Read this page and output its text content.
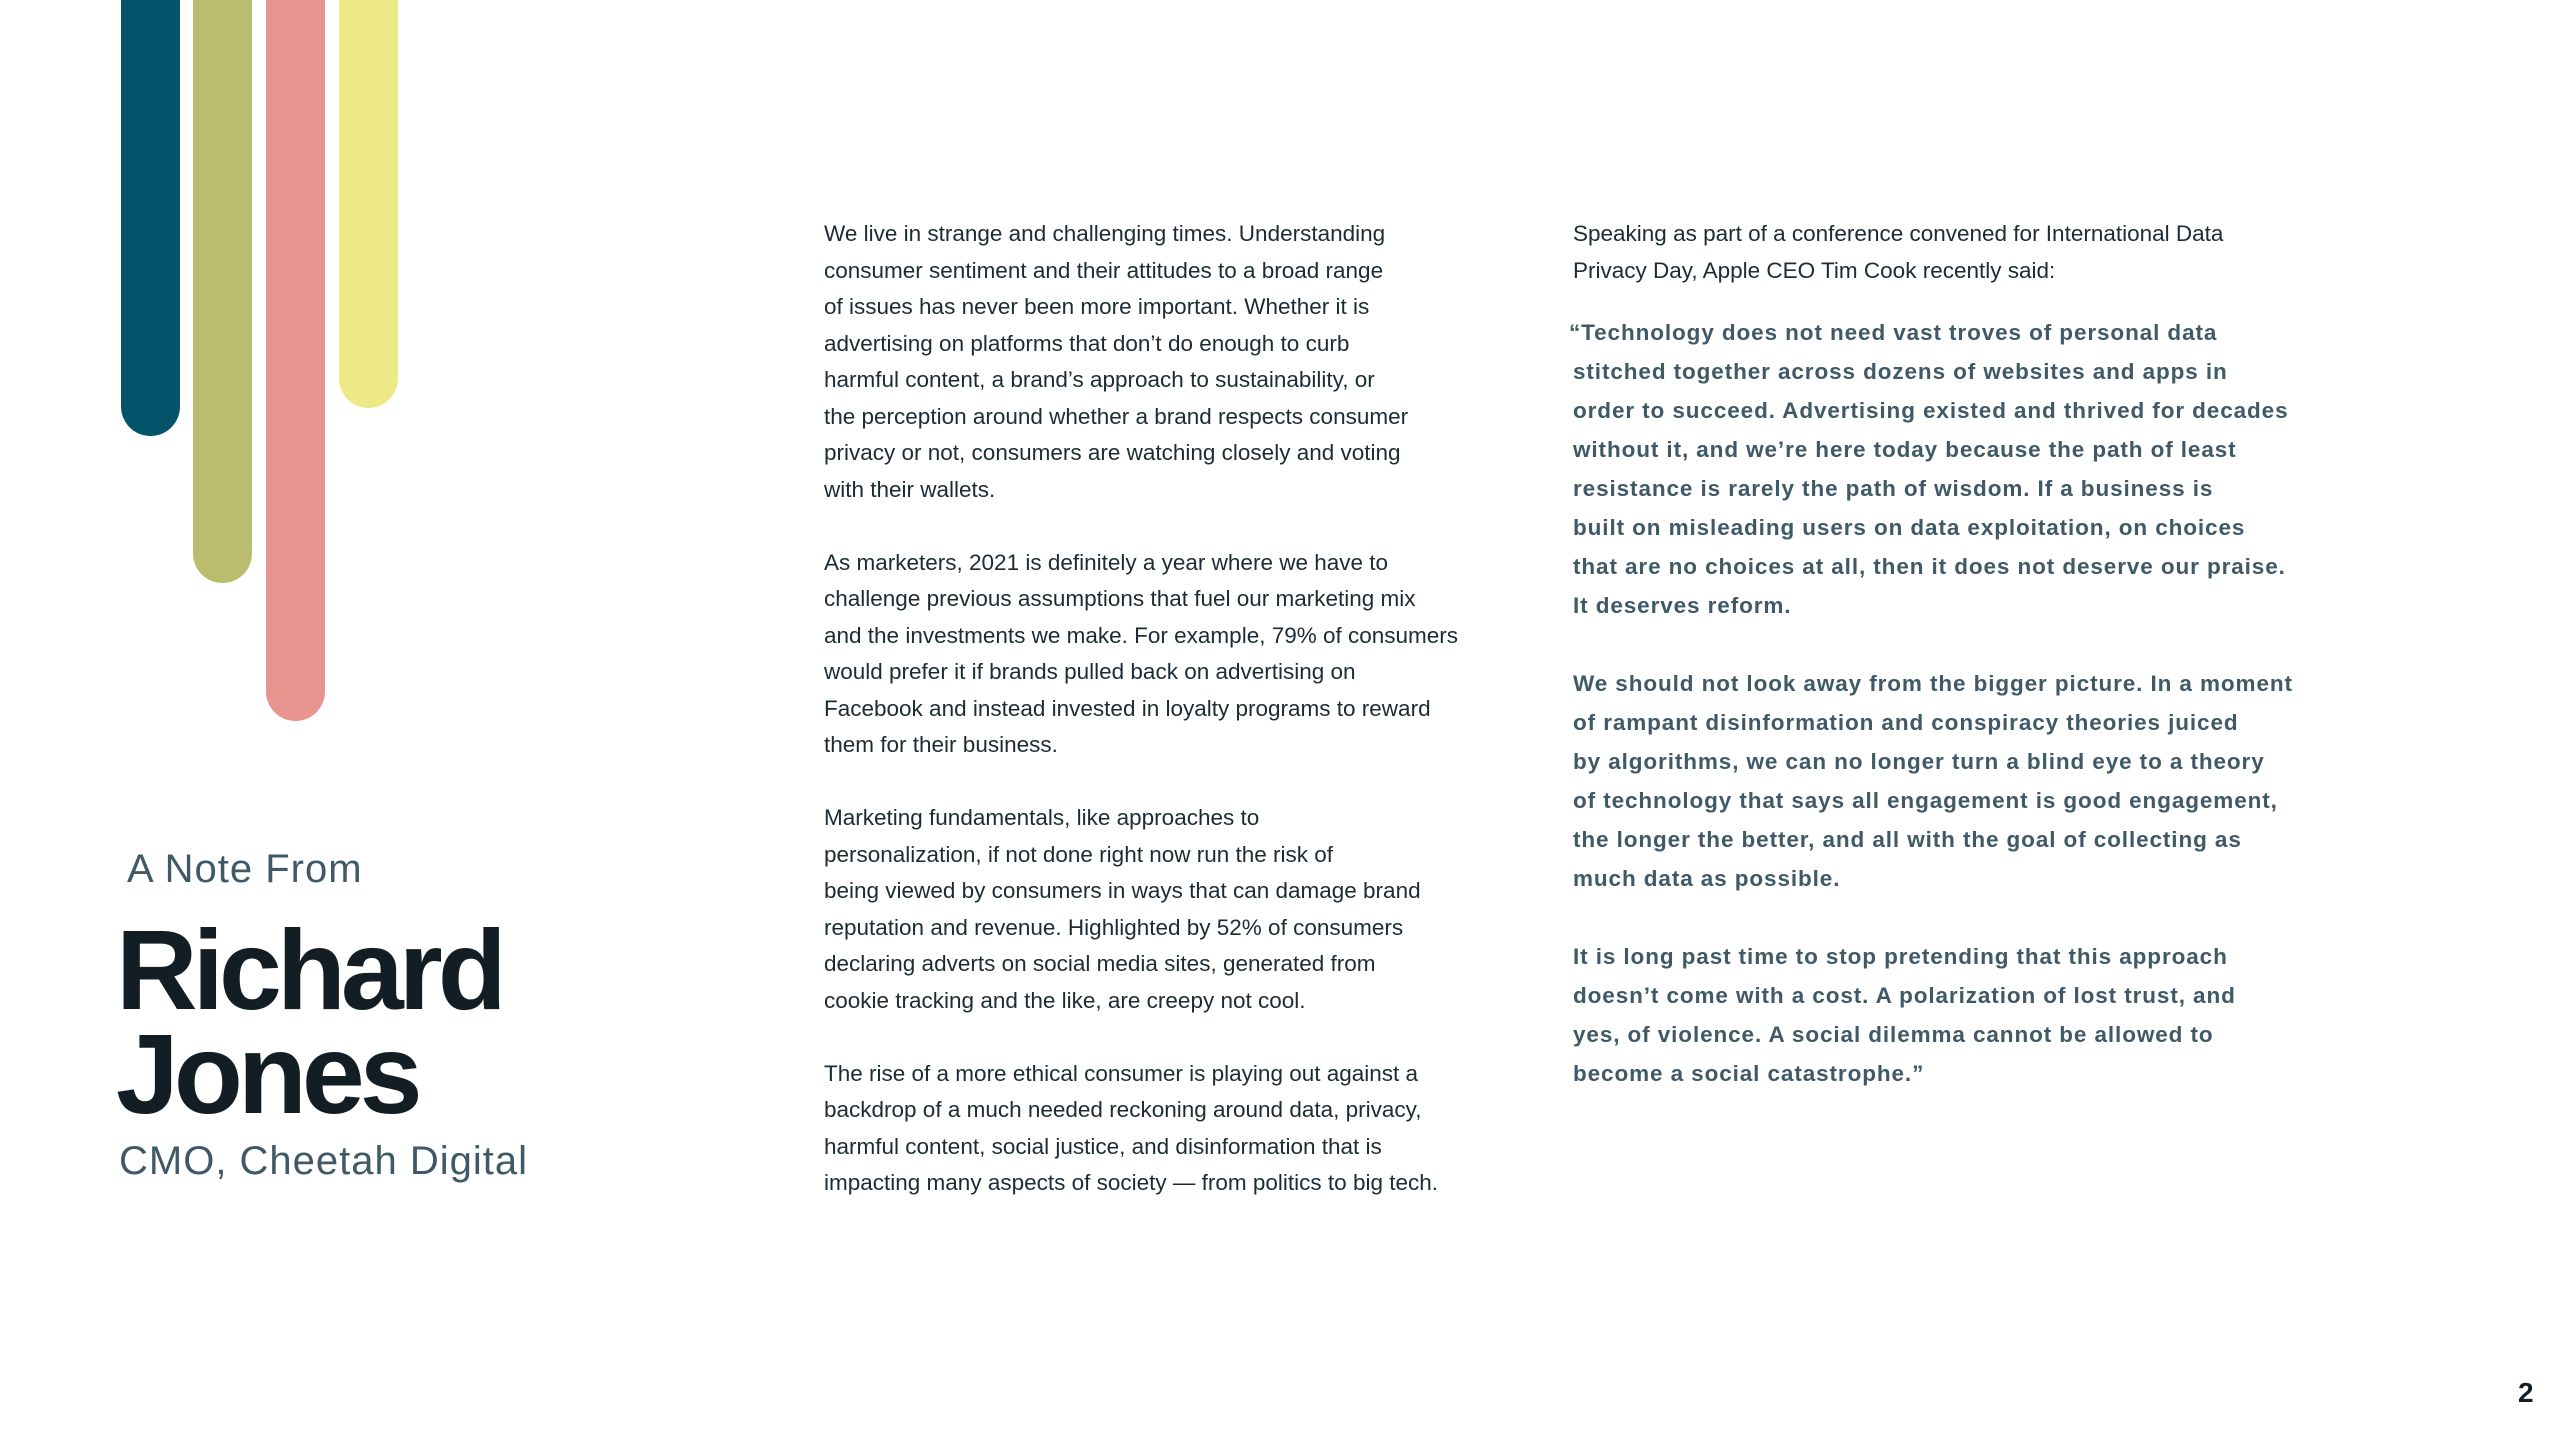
A Note From
Richard
Jones
CMO, Cheetah Digital

We live in strange and challenging times. Understanding
consumer sentiment and their attitudes to a broad range
of issues has never been more important. Whether it is
advertising on platforms that don’t do enough to curb
harmful content, a brand’s approach to sustainability, or
the perception around whether a brand respects consumer
privacy or not, consumers are watching closely and voting
with their wallets.

As marketers, 2021 is definitely a year where we have to
challenge previous assumptions that fuel our marketing mix
and the investments we make. For example, 79% of consumers
would prefer it if brands pulled back on advertising on
Facebook and instead invested in loyalty programs to reward
them for their business.

Marketing fundamentals, like approaches to
personalization, if not done right now run the risk of
being viewed by consumers in ways that can damage brand
reputation and revenue. Highlighted by 52% of consumers
declaring adverts on social media sites, generated from
cookie tracking and the like, are creepy not cool.

The rise of a more ethical consumer is playing out against a
backdrop of a much needed reckoning around data, privacy,
harmful content, social justice, and disinformation that is
impacting many aspects of society — from politics to big tech.

Speaking as part of a conference convened for International Data
Privacy Day, Apple CEO Tim Cook recently said:

“Technology does not need vast troves of personal data
stitched together across dozens of websites and apps in
order to succeed. Advertising existed and thrived for decades
without it, and we’re here today because the path of least
resistance is rarely the path of wisdom. If a business is
built on misleading users on data exploitation, on choices
that are no choices at all, then it does not deserve our praise.
It deserves reform.

We should not look away from the bigger picture. In a moment
of rampant disinformation and conspiracy theories juiced
by algorithms, we can no longer turn a blind eye to a theory
of technology that says all engagement is good engagement,
the longer the better, and all with the goal of collecting as
much data as possible.

It is long past time to stop pretending that this approach
doesn’t come with a cost. A polarization of lost trust, and
yes, of violence. A social dilemma cannot be allowed to
become a social catastrophe.”

2
